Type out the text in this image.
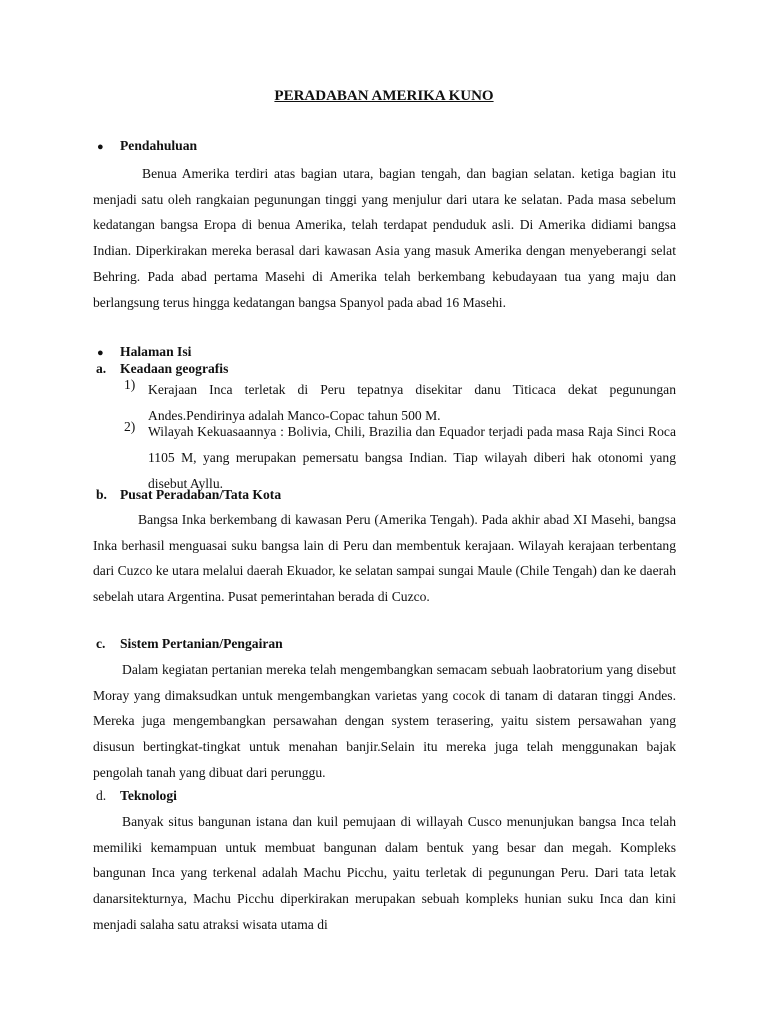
PERADABAN AMERIKA KUNO
● Pendahuluan
Benua Amerika terdiri atas bagian utara, bagian tengah, dan bagian selatan. ketiga bagian itu menjadi satu oleh rangkaian pegunungan tinggi yang menjulur dari utara ke selatan. Pada masa sebelum kedatangan bangsa Eropa di benua Amerika, telah terdapat penduduk asli. Di Amerika didiami bangsa Indian. Diperkirakan mereka berasal dari kawasan Asia yang masuk Amerika dengan menyeberangi selat Behring. Pada abad pertama Masehi di Amerika telah berkembang kebudayaan tua yang maju dan berlangsung terus hingga kedatangan bangsa Spanyol pada abad 16 Masehi.
● Halaman Isi
a. Keadaan geografis
1) Kerajaan Inca terletak di Peru tepatnya disekitar danu Titicaca dekat pegunungan Andes.Pendirinya adalah Manco-Copac tahun 500 M.
2) Wilayah Kekuasaannya : Bolivia, Chili, Brazilia dan Equador terjadi pada masa Raja Sinci Roca 1105 M, yang merupakan pemersatu bangsa Indian. Tiap wilayah diberi hak otonomi yang disebut Ayllu.
b. Pusat Peradaban/Tata Kota
Bangsa Inka berkembang di kawasan Peru (Amerika Tengah). Pada akhir abad XI Masehi, bangsa Inka berhasil menguasai suku bangsa lain di Peru dan membentuk kerajaan. Wilayah kerajaan terbentang dari Cuzco ke utara melalui daerah Ekuador, ke selatan sampai sungai Maule (Chile Tengah) dan ke daerah sebelah utara Argentina. Pusat pemerintahan berada di Cuzco.
c. Sistem Pertanian/Pengairan
Dalam kegiatan pertanian mereka telah mengembangkan semacam sebuah laobratorium yang disebut Moray yang dimaksudkan untuk mengembangkan varietas yang cocok di tanam di dataran tinggi Andes. Mereka juga mengembangkan persawahan dengan system terasering, yaitu sistem persawahan yang disusun bertingkat-tingkat untuk menahan banjir.Selain itu mereka juga telah menggunakan bajak pengolah tanah yang dibuat dari perunggu.
d. Teknologi
Banyak situs bangunan istana dan kuil pemujaan di willayah Cusco menunjukan bangsa Inca telah memiliki kemampuan untuk membuat bangunan dalam bentuk yang besar dan megah. Kompleks bangunan Inca yang terkenal adalah Machu Picchu, yaitu terletak di pegunungan Peru. Dari tata letak danarsitekturnya, Machu Picchu diperkirakan merupakan sebuah kompleks hunian suku Inca dan kini menjadi salaha satu atraksi wisata utama di
